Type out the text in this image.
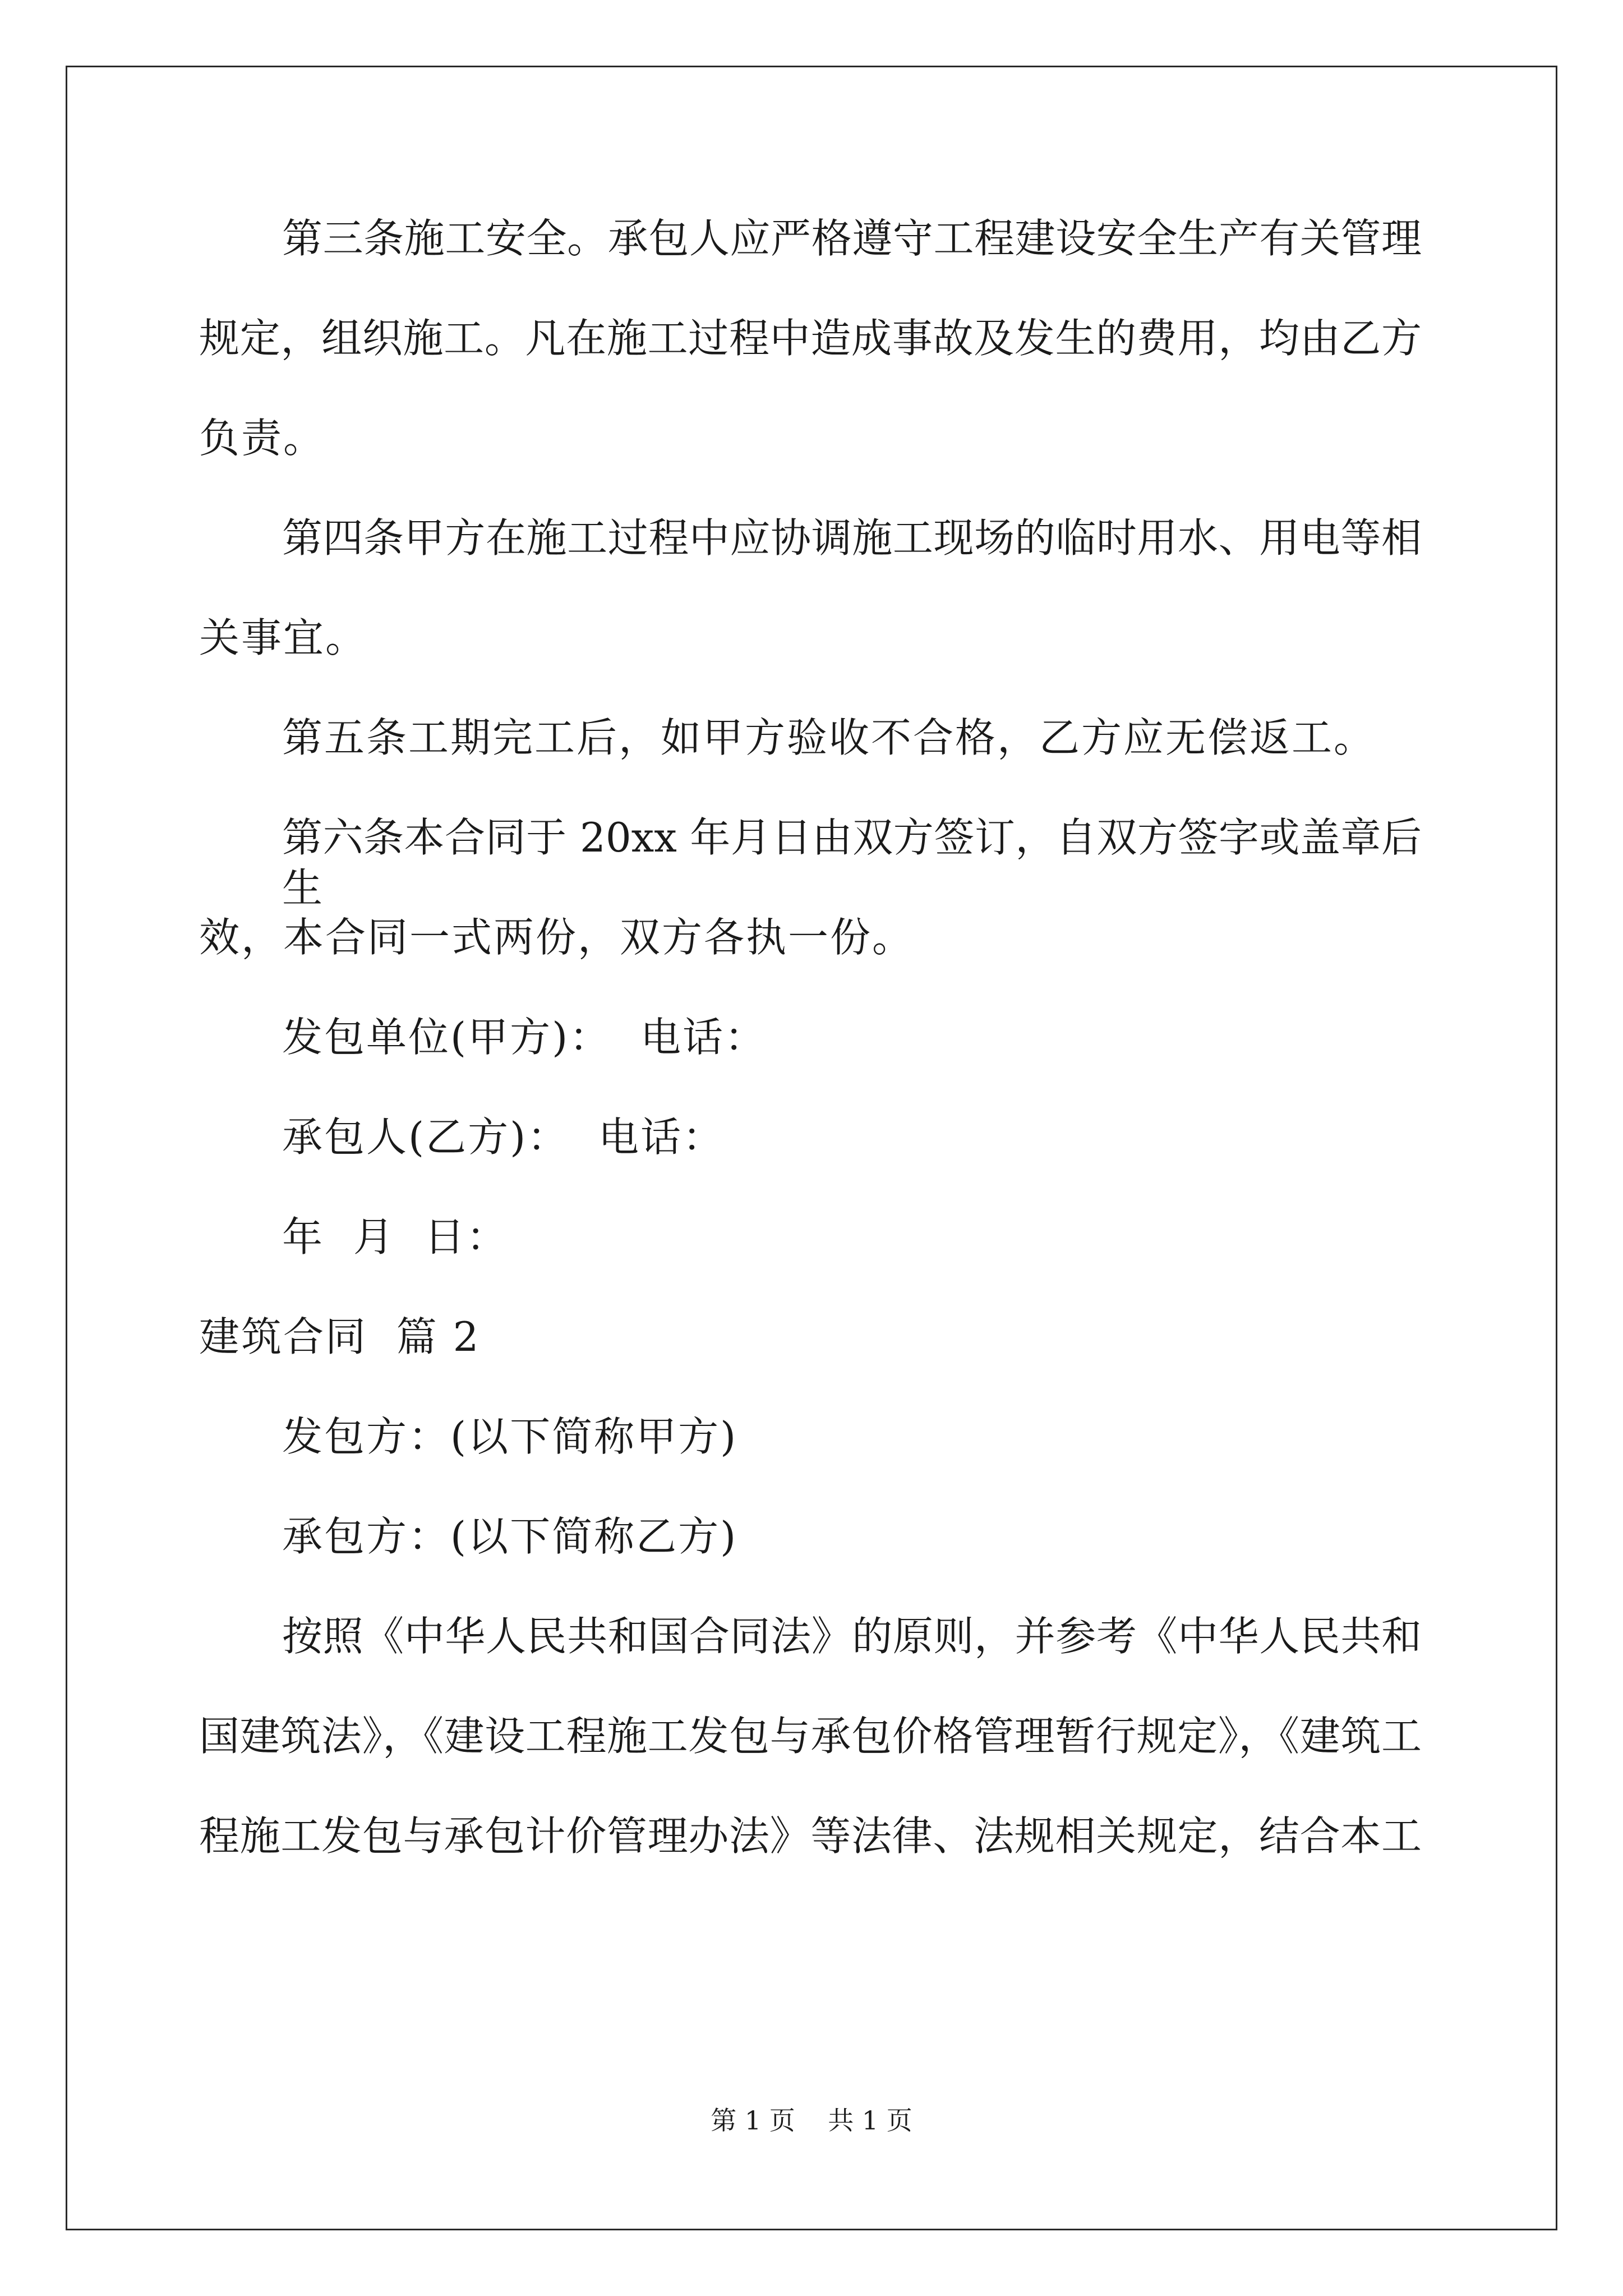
第三条施工安全。承包人应严格遵守工程建设安全生产有关管理
规定，组织施工。凡在施工过程中造成事故及发生的费用，均由乙方
负责。
第四条甲方在施工过程中应协调施工现场的临时用水、用电等相
关事宜。
第五条工期完工后，如甲方验收不合格，乙方应无偿返工。
第六条本合同于 20xx 年月日由双方签订，自双方签字或盖章后生
效，本合同一式两份，双方各执一份。
发包单位(甲方)：  电话：
承包人(乙方)：  电话：
年  月  日：
建筑合同  篇 2
发包方：(以下简称甲方)
承包方：(以下简称乙方)
按照《中华人民共和国合同法》的原则，并参考《中华人民共和
国建筑法》，《建设工程施工发包与承包价格管理暂行规定》，《建筑工
程施工发包与承包计价管理办法》等法律、法规相关规定，结合本工
第 1 页    共 1 页
